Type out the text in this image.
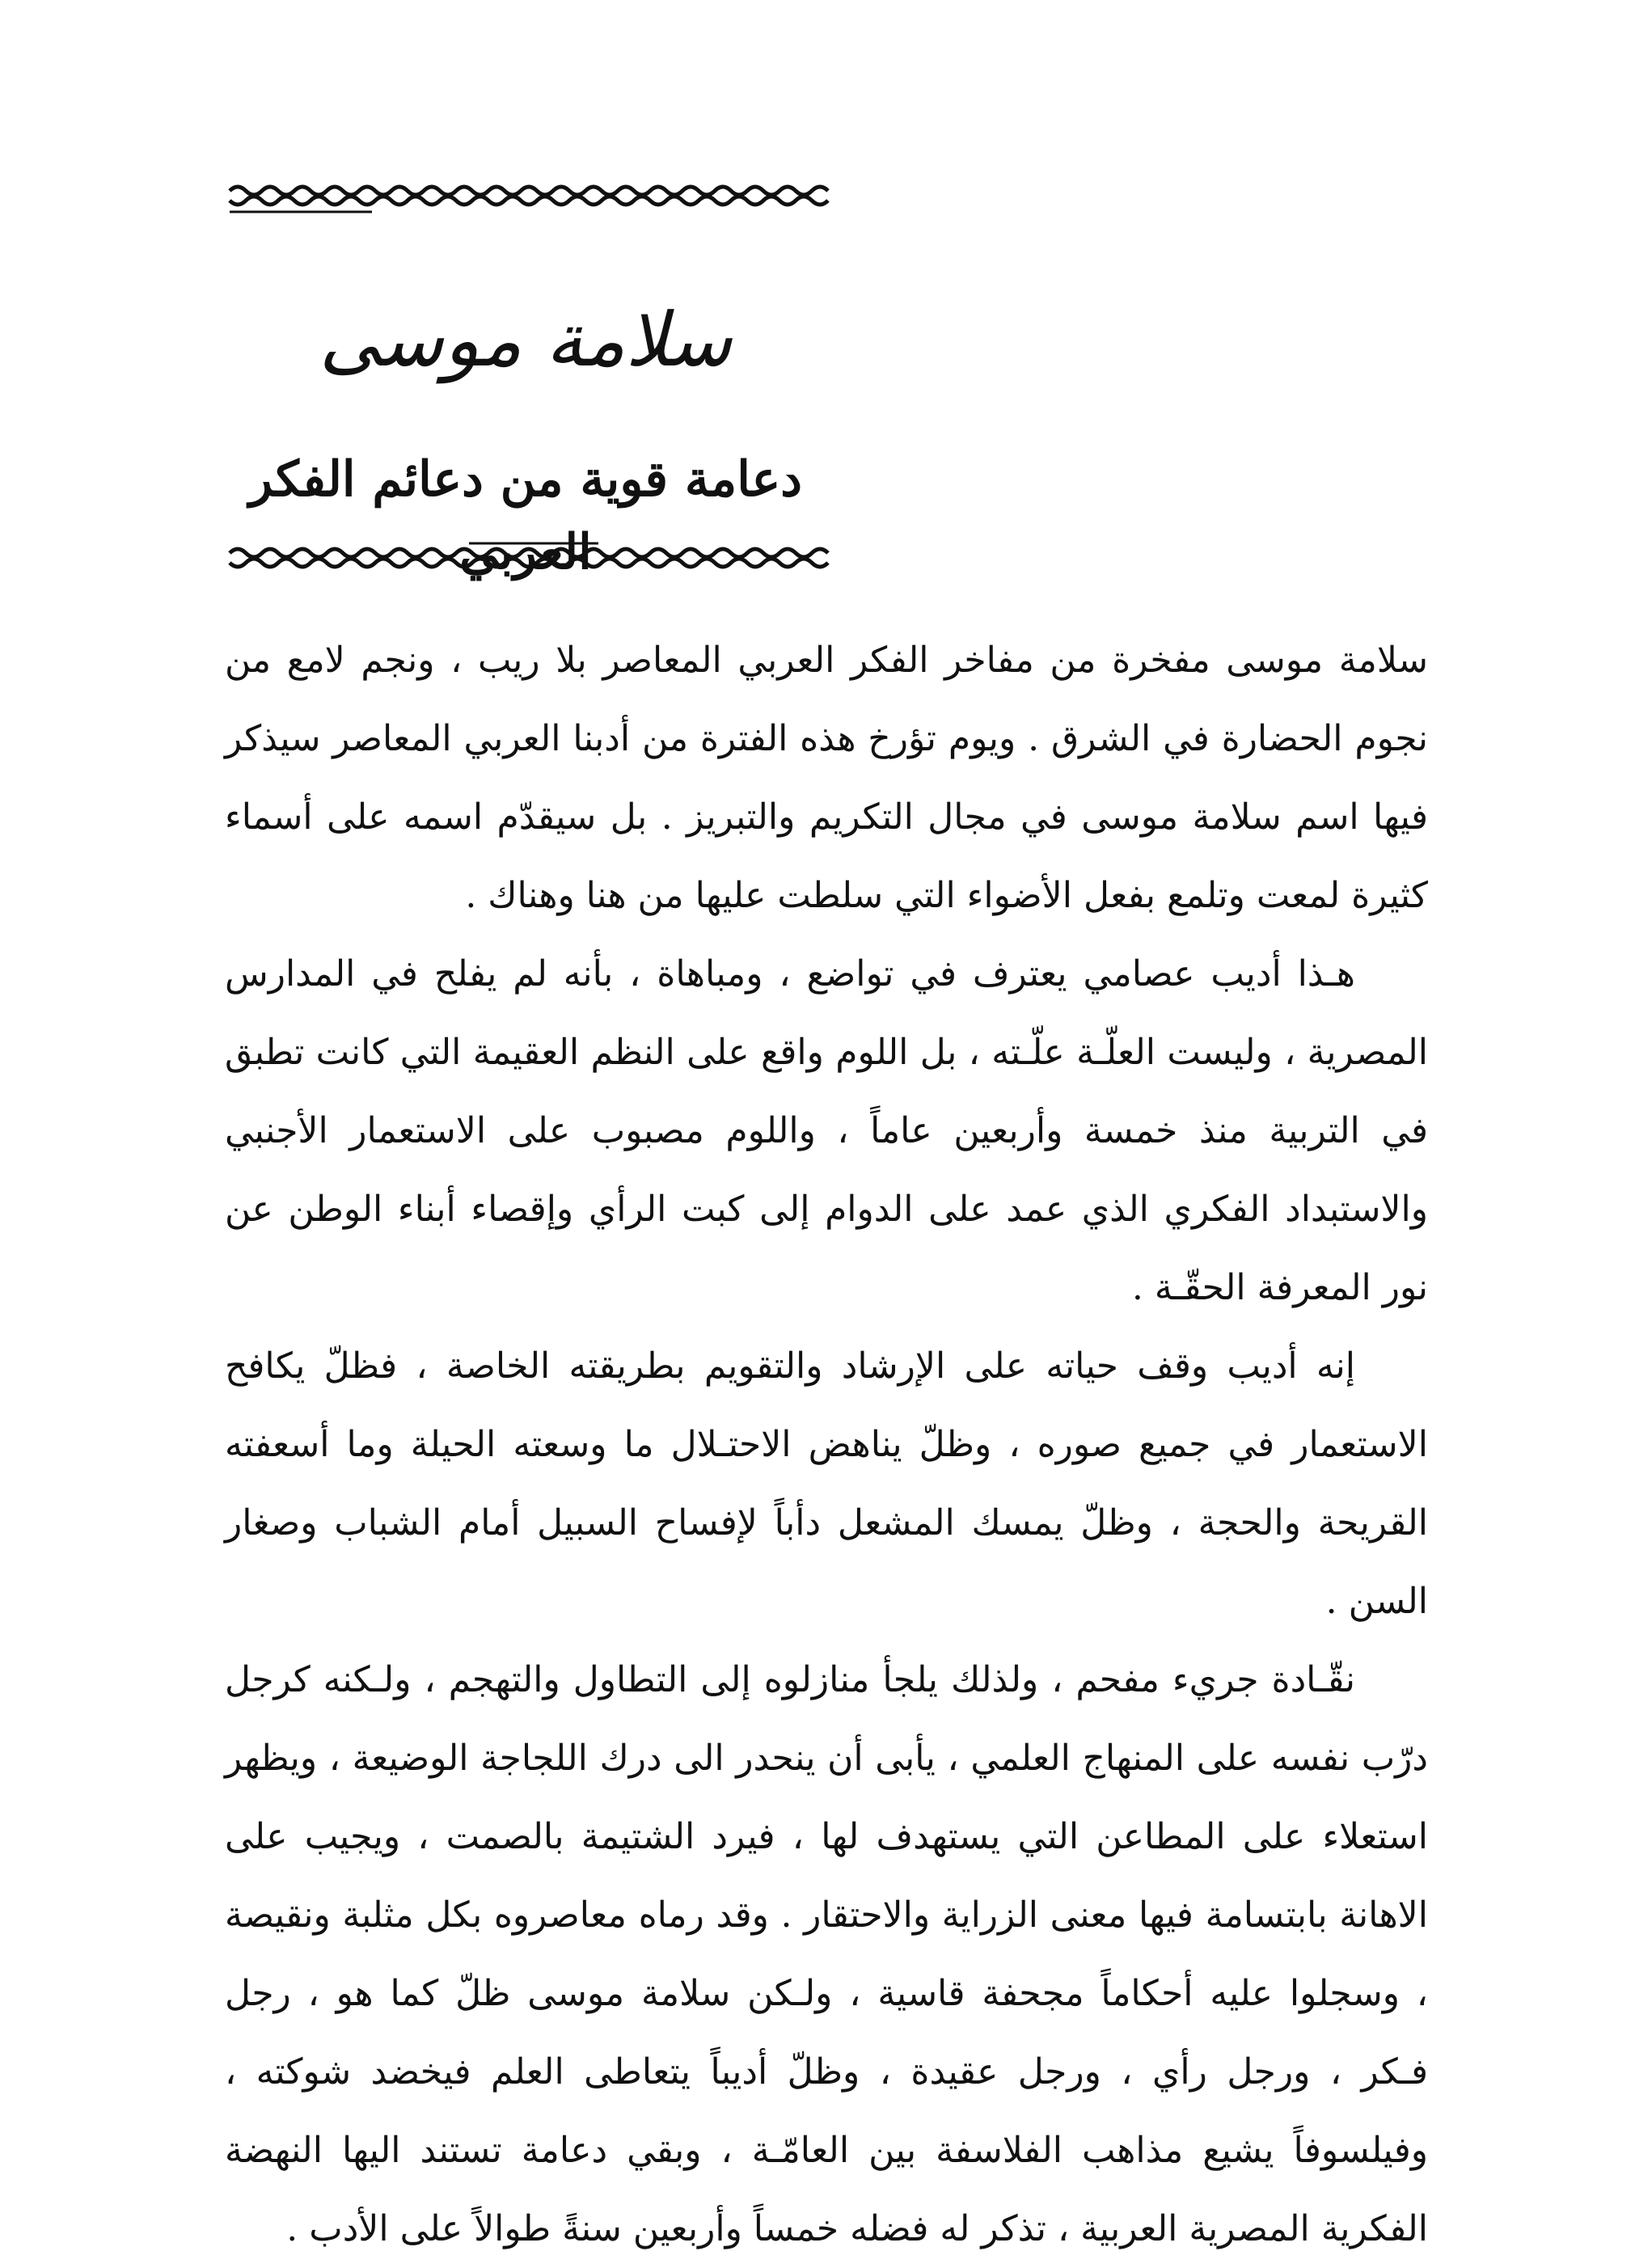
سلامة موسى
دعامة قوية من دعائم الفكر العربي

سلامة موسى مفخرة من مفاخر الفكر العربي المعاصر بلا ريب ، ونجم لامع من نجوم الحضارة في الشرق . ويوم تؤرخ هذه الفترة من أدبنا العربي المعاصر سيذكر فيها اسم سلامة موسى في مجال التكريم والتبريز . بل سيقدّم اسمه على أسماء كثيرة لمعت وتلمع بفعل الأضواء التي سلطت عليها من هنا وهناك .

هـذا أديب عصامي يعترف في تواضع ، ومباهاة ، بأنه لم يفلح في المدارس المصرية ، وليست العلّـة علّـته ، بل اللوم واقع على النظم العقيمة التي كانت تطبق في التربية منذ خمسة وأربعين عاماً ، واللوم مصبوب على الاستعمار الأجنبي والاستبداد الفكري الذي عمد على الدوام إلى كبت الرأي وإقصاء أبناء الوطن عن نور المعرفة الحقّـة .

إنه أديب وقف حياته على الإرشاد والتقويم بطريقته الخاصة ، فظلّ يكافح الاستعمار في جميع صوره ، وظلّ يناهض الاحتـلال ما وسعته الحيلة وما أسعفته القريحة والحجة ، وظلّ يمسك المشعل دأباً لإفساح السبيل أمام الشباب وصغار السن .

نقّـادة جريء مفحم ، ولذلك يلجأ منازلوه إلى التطاول والتهجم ، ولـكنه كرجل درّب نفسه على المنهاج العلمي ، يأبى أن ينحدر الى درك اللجاجة الوضيعة ، ويظهر استعلاء على المطاعن التي يستهدف لها ، فيرد الشتيمة بالصمت ، ويجيب على الاهانة بابتسامة فيها معنى الزراية والاحتقار . وقد رماه معاصروه بكل مثلبة ونقيصة ، وسجلوا عليه أحكاماً مجحفة قاسية ، ولـكن سلامة موسى ظلّ كما هو ، رجل فـكر ، ورجل رأي ، ورجل عقيدة ، وظلّ أديباً يتعاطى العلم فيخضد شوكته ، وفيلسوفاً يشيع مذاهب الفلاسفة بين العامّـة ، وبقي دعامة تستند اليها النهضة الفكرية المصرية العربية ، تذكر له فضله خمساً وأربعين سنةً طوالاً على الأدب .
